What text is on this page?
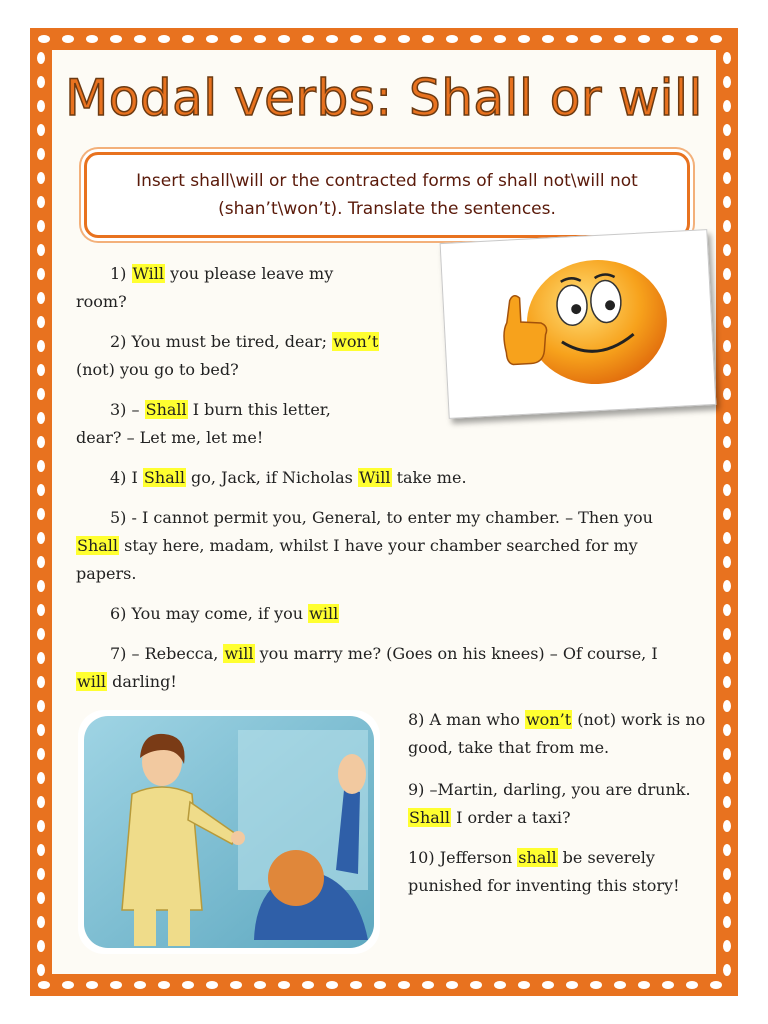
Modal verbs: Shall or will

Insert shall\will or the contracted forms of shall not\will not
(shan’t\won’t). Translate the sentences.

1) Will you please leave my
room?

2) You must be tired, dear; won’t
(not) you go to bed?

3) – Shall I burn this letter,
dear? – Let me, let me!

4) I Shall go, Jack, if Nicholas Will take me.

5) - I cannot permit you, General, to enter my chamber. – Then you
Shall stay here, madam, whilst I have your chamber searched for my
papers.

6) You may come, if you will

7) – Rebecca, will you marry me? (Goes on his knees) – Of course, I
will darling!

8) A man who won’t (not) work is no
good, take that from me.

9) –Martin, darling, you are drunk.
Shall I order a taxi?

10) Jefferson shall be severely
punished for inventing this story!
